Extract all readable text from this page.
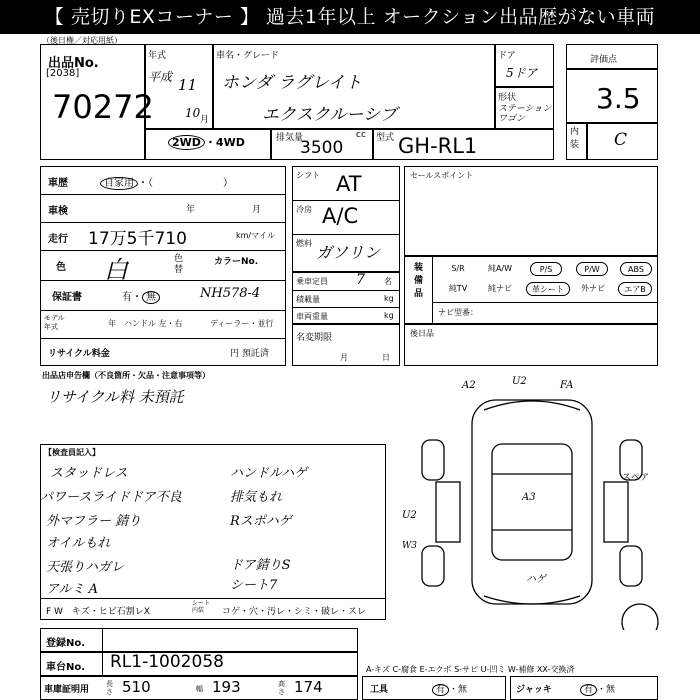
【 売切りEXコーナー 】 過去1年以上 オークション出品歴がない車両
（後日権／対応用紙）
出品No.
[2038]
70272
年式
平成 11
10 月
車名・グレード
ホンダ ラグレイト
エクスクルーシブ
ドア
5ドア
形状
ステーションワゴン
2WD ・4WD	排気量
3500
cc 型式 GH-RL1
評価点
3.5
内装 C
車歴	自家用 ・（　　　　　　　）
車検	年	月
走行 17万5千710	km/マイル
色 白	色替
カラーNo.
NH578-4
保証書	有・ 無
モデル年式	年 ハンドル 左・右	ディーラー・並行
リサイクル料金	円 預託済
シフト AT
冷房 A/C
燃料 ガソリン
乗車定員 7 名
積載量	kg
車両重量	kg
名変期限
月	日
セールスポイント
装備品
S/R	純A/W	P/S	P/W	ABS
純TV	純ナビ	革シート	外ナビ	エアB
ナビ型番：
後日品
出品店申告欄（不良箇所・欠品・注意事項等）
リサイクル料 未預託
【検査員記入】
スタッドレス
パワースライドドア不良
外マフラー 錆り
オイルもれ
天張りハガレ
アルミ A
ハンドルハゲ
排気もれ
Rスポハゲ
ドア錆りS
シート7
F W　キズ・ヒビ石割レX
シート内装	コゲ・穴・汚レ・シミ・破レ・スレ
A2	U2	FA
A3
U2
W3
ハゲ
スペア
登録No.
車台No. RL1-1002058
車庫証明用
長さ 510	幅 193	高さ 174
A-キズ C-腐食 E-エクボ S-サビ U-凹ミ W-補修 XX-交換済
工具	有 ・無	ジャッキ	有 ・無
